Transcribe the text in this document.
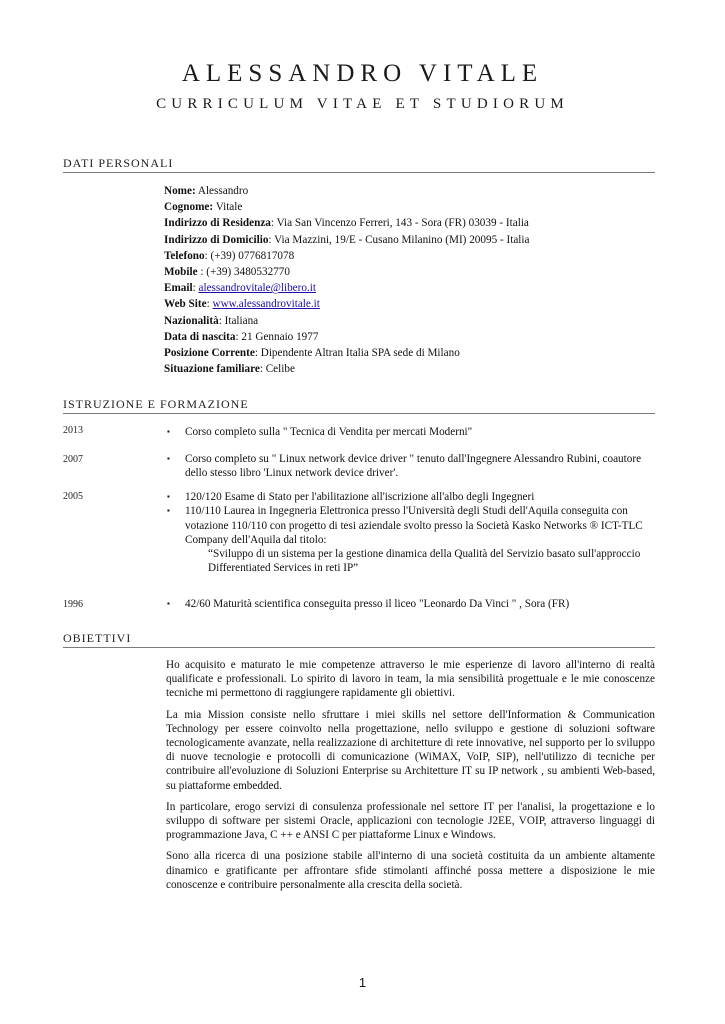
ALESSANDRO VITALE
CURRICULUM VITAE ET STUDIORUM
DATI PERSONALI
Nome: Alessandro
Cognome: Vitale
Indirizzo di Residenza: Via San Vincenzo Ferreri, 143 - Sora (FR) 03039 - Italia
Indirizzo di Domicilio: Via Mazzini, 19/E - Cusano Milanino (MI) 20095 - Italia
Telefono: (+39) 0776817078
Mobile : (+39) 3480532770
Email: alessandrovitale@libero.it
Web Site: www.alessandrovitale.it
Nazionalità: Italiana
Data di nascita: 21 Gennaio 1977
Posizione Corrente: Dipendente Altran Italia SPA sede di Milano
Situazione familiare: Celibe
ISTRUZIONE E FORMAZIONE
2013	▪ Corso completo sulla " Tecnica di Vendita per mercati Moderni"
2007	▪ Corso completo su " Linux network device driver " tenuto dall'Ingegnere Alessandro Rubini, coautore dello stesso libro 'Linux network device driver'.
2005	▪ 120/120 Esame di Stato per l'abilitazione all'iscrizione all'albo degli Ingegneri
▪ 110/110 Laurea in Ingegneria Elettronica presso l'Università degli Studi dell'Aquila conseguita con votazione 110/110 con progetto di tesi aziendale svolto presso la Società Kasko Networks ® ICT-TLC Company dell'Aquila dal titolo:
“Sviluppo di un sistema per la gestione dinamica della Qualità del Servizio basato sull'approccio Differentiated Services in reti IP”
1996	▪ 42/60 Maturità scientifica conseguita presso il liceo "Leonardo Da Vinci " , Sora (FR)
OBIETTIVI

Ho acquisito e maturato le mie competenze attraverso le mie esperienze di lavoro all'interno di realtà qualificate e professionali. Lo spirito di lavoro in team, la mia sensibilità progettuale e le mie conoscenze tecniche mi permettono di raggiungere rapidamente gli obiettivi.

La mia Mission consiste nello sfruttare i miei skills nel settore dell'Information & Communication Technology per essere coinvolto nella progettazione, nello sviluppo e gestione di soluzioni software tecnologicamente avanzate, nella realizzazione di architetture di rete innovative, nel supporto per lo sviluppo di nuove tecnologie e protocolli di comunicazione (WiMAX, VoIP, SIP), nell'utilizzo di tecniche per contribuire all'evoluzione di Soluzioni Enterprise su Architetture IT su IP network , su ambienti Web-based, su piattaforme embedded.

In particolare, erogo servizi di consulenza professionale nel settore IT per l'analisi, la progettazione e lo sviluppo di software per sistemi Oracle, applicazioni con tecnologie J2EE, VOIP, attraverso linguaggi di programmazione Java, C ++ e ANSI C per piattaforme Linux e Windows.

Sono alla ricerca di una posizione stabile all'interno di una società costituita da un ambiente altamente dinamico e gratificante per affrontare sfide stimolanti affinché possa mettere a disposizione le mie conoscenze e contribuire personalmente alla crescita della società.

1
